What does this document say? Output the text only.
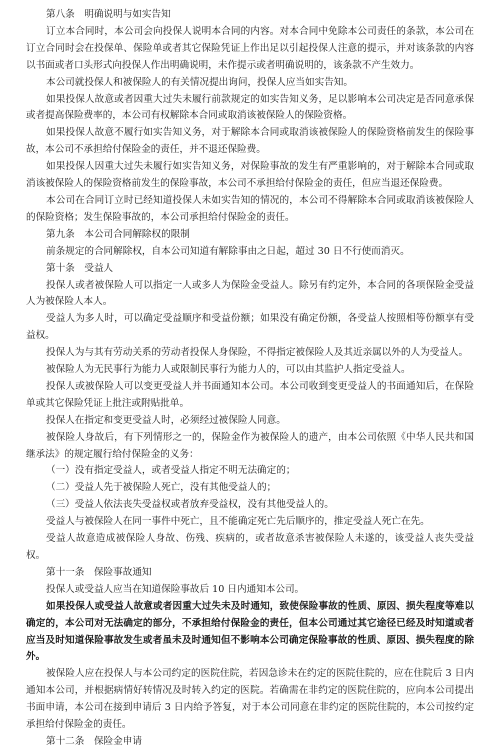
第八条　明确说明与如实告知

订立本合同时，本公司会向投保人说明本合同的内容。对本合同中免除本公司责任的条款，本公司在订立合同时会在投保单、保险单或者其它保险凭证上作出足以引起投保人注意的提示，并对该条款的内容以书面或者口头形式向投保人作出明确说明，未作提示或者明确说明的，该条款不产生效力。

本公司就投保人和被保险人的有关情况提出询问，投保人应当如实告知。

如果投保人故意或者因重大过失未履行前款规定的如实告知义务，足以影响本公司决定是否同意承保或者提高保险费率的，本公司有权解除本合同或取消该被保险人的保险资格。

如果投保人故意不履行如实告知义务，对于解除本合同或取消该被保险人的保险资格前发生的保险事故，本公司不承担给付保险金的责任，并不退还保险费。

如果投保人因重大过失未履行如实告知义务，对保险事故的发生有严重影响的，对于解除本合同或取消该被保险人的保险资格前发生的保险事故，本公司不承担给付保险金的责任，但应当退还保险费。

本公司在合同订立时已经知道投保人未如实告知的情况的，本公司不得解除本合同或取消该被保险人的保险资格；发生保险事故的，本公司承担给付保险金的责任。

第九条　本公司合同解除权的限制

前条规定的合同解除权，自本公司知道有解除事由之日起，超过 30 日不行使而消灭。

第十条　受益人

投保人或者被保险人可以指定一人或多人为保险金受益人。除另有约定外，本合同的各项保险金受益人为被保险人本人。

受益人为多人时，可以确定受益顺序和受益份额；如果没有确定份额，各受益人按照相等份额享有受益权。

投保人为与其有劳动关系的劳动者投保人身保险，不得指定被保险人及其近亲属以外的人为受益人。

被保险人为无民事行为能力人或限制民事行为能力人的，可以由其监护人指定受益人。

投保人或被保险人可以变更受益人并书面通知本公司。本公司收到变更受益人的书面通知后，在保险单或其它保险凭证上批注或附贴批单。

投保人在指定和变更受益人时，必须经过被保险人同意。

被保险人身故后，有下列情形之一的，保险金作为被保险人的遗产，由本公司依照《中华人民共和国继承法》的规定履行给付保险金的义务：

（一）没有指定受益人，或者受益人指定不明无法确定的；

（二）受益人先于被保险人死亡，没有其他受益人的；

（三）受益人依法丧失受益权或者放弃受益权，没有其他受益人的。

受益人与被保险人在同一事件中死亡，且不能确定死亡先后顺序的，推定受益人死亡在先。

受益人故意造成被保险人身故、伤残、疾病的，或者故意杀害被保险人未遂的，该受益人丧失受益权。

第十一条　保险事故通知

投保人或受益人应当在知道保险事故后 10 日内通知本公司。

如果投保人或受益人故意或者因重大过失未及时通知，致使保险事故的性质、原因、损失程度等难以确定的，本公司对无法确定的部分，不承担给付保险金的责任，但本公司通过其它途径已经及时知道或者应当及时知道保险事故发生或者虽未及时通知但不影响本公司确定保险事故的性质、原因、损失程度的除外。

被保险人应在投保人与本公司约定的医院住院，若因急诊未在约定的医院住院的，应在住院后 3 日内通知本公司，并根据病情好转情况及时转入约定的医院。若确需在非约定的医院住院的，应向本公司提出书面申请，本公司在接到申请后 3 日内给予答复，对于本公司同意在非约定的医院住院的，本公司按约定承担给付保险金的责任。

第十二条　保险金申请
